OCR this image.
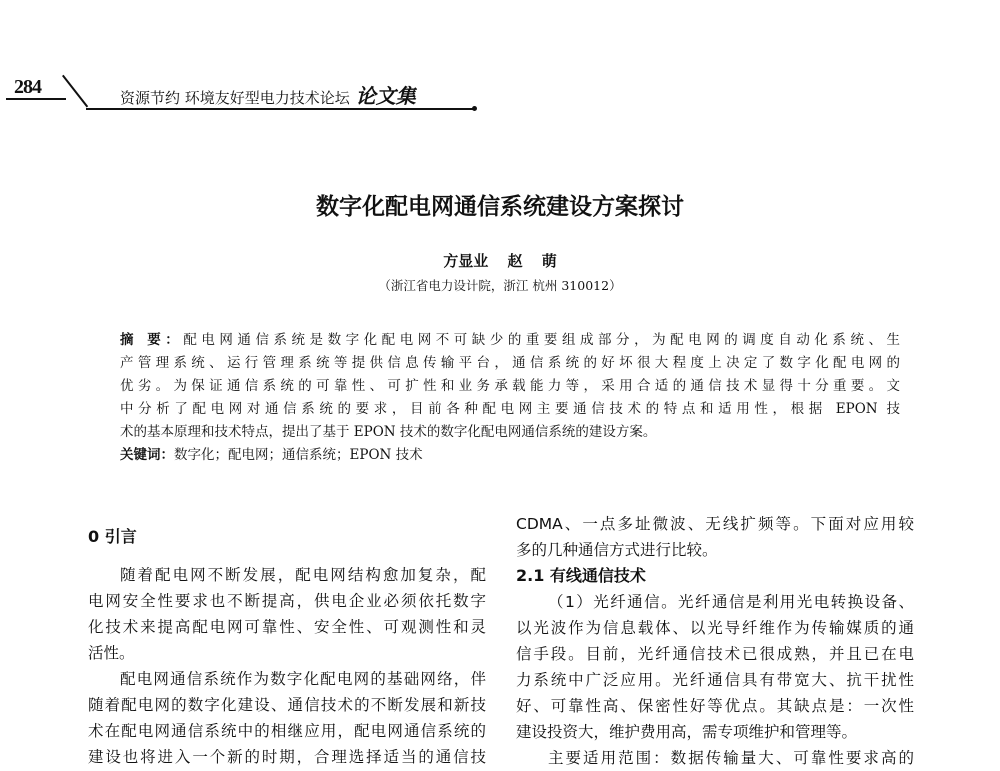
284	资源节约 环境友好型电力技术论坛 论文集
数字化配电网通信系统建设方案探讨
方显业 赵 萌
（浙江省电力设计院，浙江 杭州 310012）
摘 要：配电网通信系统是数字化配电网不可缺少的重要组成部分，为配电网的调度自动化系统、生
产管理系统、运行管理系统等提供信息传输平台，通信系统的好坏很大程度上决定了数字化配电网的
优劣。为保证通信系统的可靠性、可扩性和业务承载能力等，采用合适的通信技术显得十分重要。文
中分析了配电网对通信系统的要求，目前各种配电网主要通信技术的特点和适用性，根据 EPON 技
术的基本原理和技术特点，提出了基于 EPON 技术的数字化配电网通信系统的建设方案。
关键词：数字化；配电网；通信系统；EPON 技术
0 引言
随着配电网不断发展，配电网结构愈加复杂，配
电网安全性要求也不断提高，供电企业必须依托数字
化技术来提高配电网可靠性、安全性、可观测性和灵
活性。
配电网通信系统作为数字化配电网的基础网络，伴
随着配电网的数字化建设、通信技术的不断发展和新技
术在配电网通信系统中的相继应用，配电网通信系统的
建设也将进入一个新的时期，合理选择适当的通信技
CDMA、一点多址微波、无线扩频等。下面对应用较
多的几种通信方式进行比较。
2.1 有线通信技术
（1）光纤通信。光纤通信是利用光电转换设备、
以光波作为信息载体、以光导纤维作为传输媒质的通
信手段。目前，光纤通信技术已很成熟，并且已在电
力系统中广泛应用。光纤通信具有带宽大、抗干扰性
好、可靠性高、保密性好等优点。其缺点是：一次性
建设投资大，维护费用高，需专项维护和管理等。
主要适用范围：数据传输量大、可靠性要求高的
